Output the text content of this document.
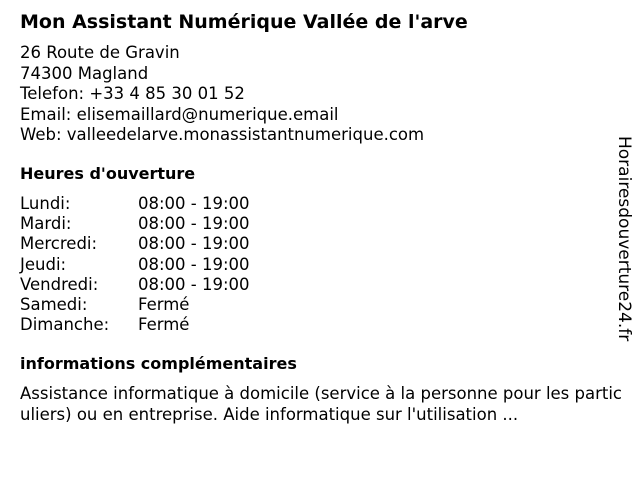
Mon Assistant Numérique Vallée de l'arve
26 Route de Gravin
74300 Magland
Telefon: +33 4 85 30 01 52
Email: elisemaillard@numerique.email
Web: valleedelarve.monassistantnumerique.com
Heures d'ouverture
Lundi:	08:00 - 19:00
Mardi:	08:00 - 19:00
Mercredi:	08:00 - 19:00
Jeudi:	08:00 - 19:00
Vendredi:	08:00 - 19:00
Samedi:	Fermé
Dimanche:	Fermé
informations complémentaires
Assistance informatique à domicile (service à la personne pour les particuliers) ou en entreprise. Aide informatique sur l'utilisation ...
Horairesdouverture24.fr
